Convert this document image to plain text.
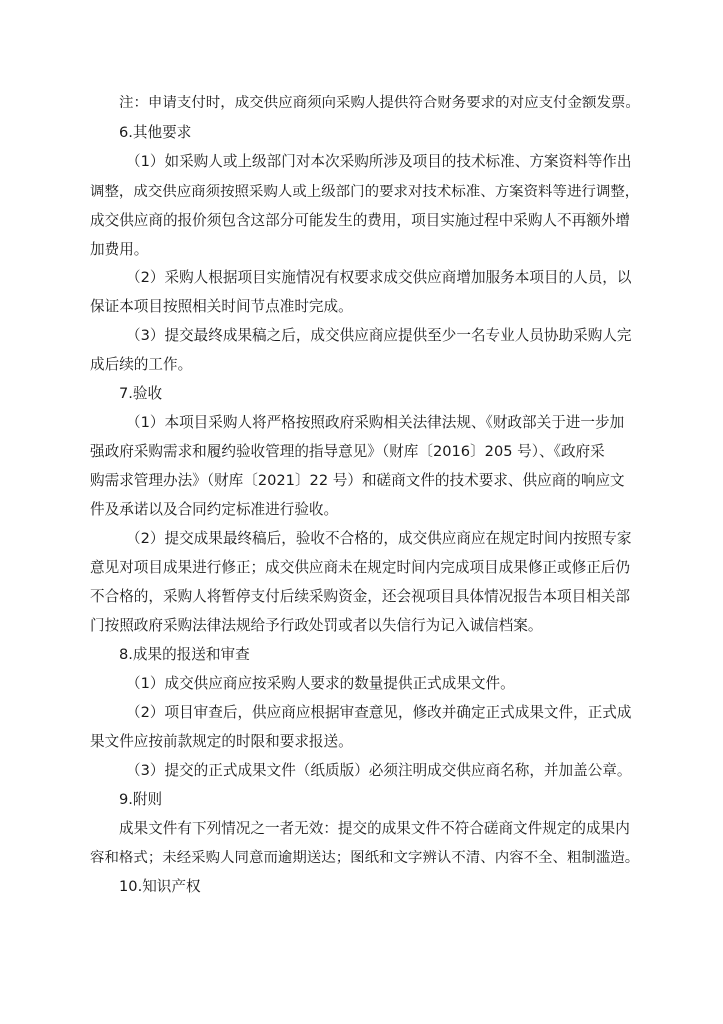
注：申请支付时，成交供应商须向采购人提供符合财务要求的对应支付金额发票。
6.其他要求
（1）如采购人或上级部门对本次采购所涉及项目的技术标准、方案资料等作出
调整，成交供应商须按照采购人或上级部门的要求对技术标准、方案资料等进行调整，
成交供应商的报价须包含这部分可能发生的费用，项目实施过程中采购人不再额外增
加费用。
（2）采购人根据项目实施情况有权要求成交供应商增加服务本项目的人员，以
保证本项目按照相关时间节点准时完成。
（3）提交最终成果稿之后，成交供应商应提供至少一名专业人员协助采购人完
成后续的工作。
7.验收
（1）本项目采购人将严格按照政府采购相关法律法规、《财政部关于进一步加
强政府采购需求和履约验收管理的指导意见》（财库〔2016〕205 号）、《政府采
购需求管理办法》（财库〔2021〕22 号）和磋商文件的技术要求、供应商的响应文
件及承诺以及合同约定标准进行验收。
（2）提交成果最终稿后，验收不合格的，成交供应商应在规定时间内按照专家
意见对项目成果进行修正；成交供应商未在规定时间内完成项目成果修正或修正后仍
不合格的，采购人将暂停支付后续采购资金，还会视项目具体情况报告本项目相关部
门按照政府采购法律法规给予行政处罚或者以失信行为记入诚信档案。
8.成果的报送和审查
（1）成交供应商应按采购人要求的数量提供正式成果文件。
（2）项目审查后，供应商应根据审查意见，修改并确定正式成果文件，正式成
果文件应按前款规定的时限和要求报送。
（3）提交的正式成果文件（纸质版）必须注明成交供应商名称，并加盖公章。
9.附则
成果文件有下列情况之一者无效：提交的成果文件不符合磋商文件规定的成果内
容和格式；未经采购人同意而逾期送达；图纸和文字辨认不清、内容不全、粗制滥造。
10.知识产权
